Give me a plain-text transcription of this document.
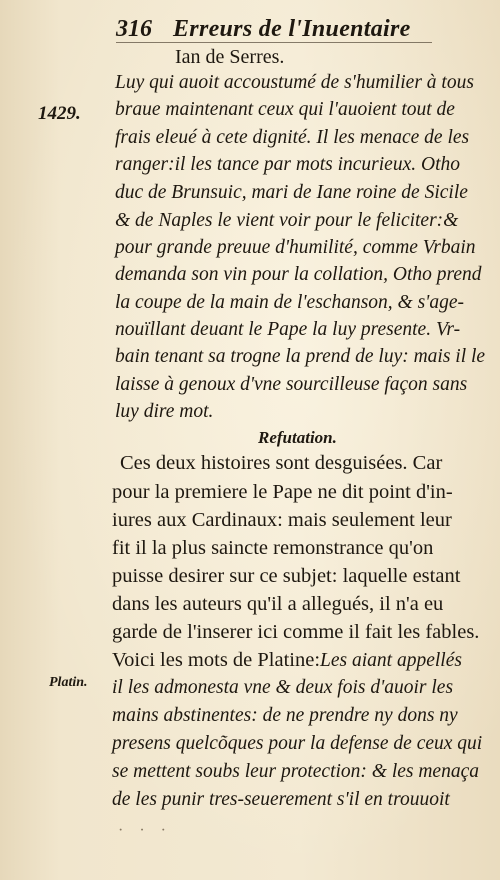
316 Erreurs de l'Inuentaire
Ian de Serres.
1429.
Platin.
Luy qui auoit accoustumé de s'humilier à tous
braue maintenant ceux qui l'auoient tout de
frais eleué à cete dignité. Il les menace de les
ranger:il les tance par mots incurieux. Otho
duc de Brunsuic, mari de Iane roine de Sicile
& de Naples le vient voir pour le feliciter:&
pour grande preuue d'humilité, comme Vrbain
demanda son vin pour la collation, Otho prend
la coupe de la main de l'eschanson, & s'age-
nouïllant deuant le Pape la luy presente. Vr-
bain tenant sa trogne la prend de luy: mais il le
laisse à genoux d'vne sourcilleuse façon sans
luy dire mot.
Refutation.
Ces deux histoires sont desguisées. Car
pour la premiere le Pape ne dit point d'in-
iures aux Cardinaux: mais seulement leur
fit il la plus saincte remonstrance qu'on
puisse desirer sur ce subjet: laquelle estant
dans les auteurs qu'il a allegués, il n'a eu
garde de l'inserer ici comme il fait les fables.
Voici les mots de Platine:Les aiant appellés
il les admonesta vne & deux fois d'auoir les
mains abstinentes: de ne prendre ny dons ny
presens quelcõques pour la defense de ceux qui
se mettent soubs leur protection: & les menaça
de les punir tres-seuerement s'il en trouuoit
· · ·
